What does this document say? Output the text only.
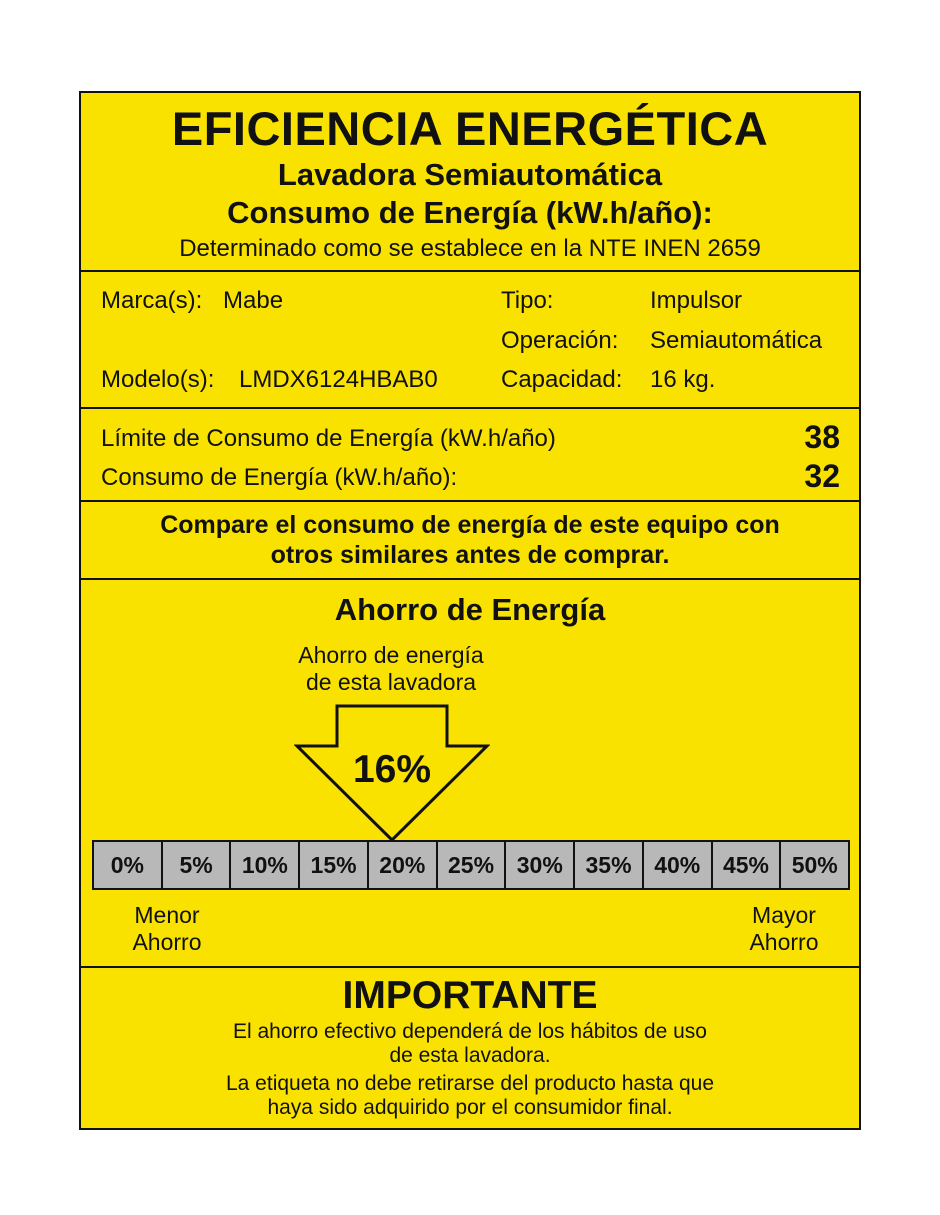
EFICIENCIA ENERGÉTICA
Lavadora Semiautomática
Consumo de Energía (kW.h/año):
Determinado como se establece en la NTE INEN 2659
Marca(s): Mabe
Modelo(s): LMDX6124HBAB0
Tipo:	Impulsor
Operación: Semiautomática
Capacidad: 16 kg.
Límite de Consumo de Energía (kW.h/año)	38
Consumo de Energía (kW.h/año):	32
Compare el consumo de energía de este equipo con
otros similares antes de comprar.
Ahorro de Energía
Ahorro de energía
de esta lavadora
16%
0%	5%	10% 15% 20% 25% 30% 35% 40% 45% 50%
Menor
Ahorro
Mayor
Ahorro
IMPORTANTE
El ahorro efectivo dependerá de los hábitos de uso
de esta lavadora.
La etiqueta no debe retirarse del producto hasta que
haya sido adquirido por el consumidor final.
